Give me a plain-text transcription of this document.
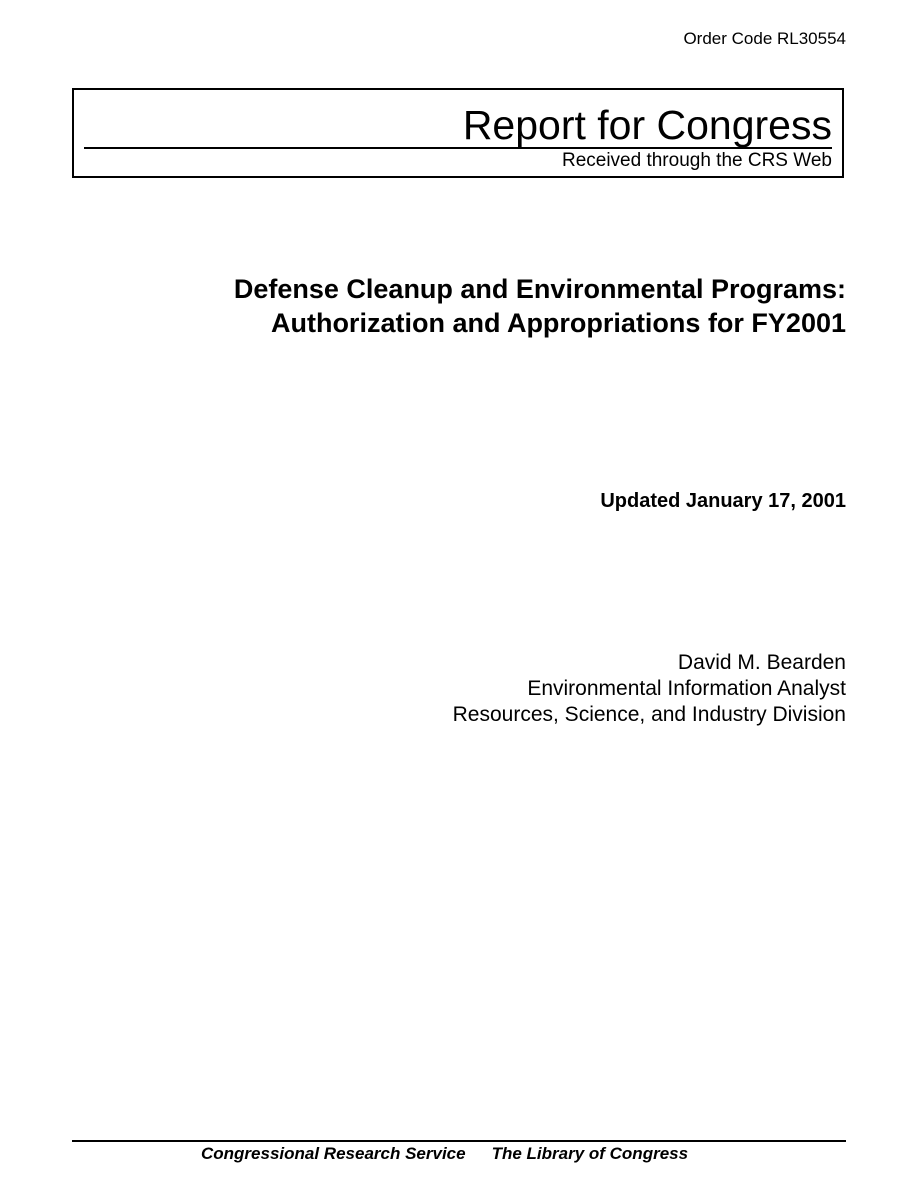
Order Code RL30554
Report for Congress
Received through the CRS Web
Defense Cleanup and Environmental Programs:
Authorization and Appropriations for FY2001
Updated January 17, 2001
David M. Bearden
Environmental Information Analyst
Resources, Science, and Industry Division
Congressional Research Service The Library of Congress
